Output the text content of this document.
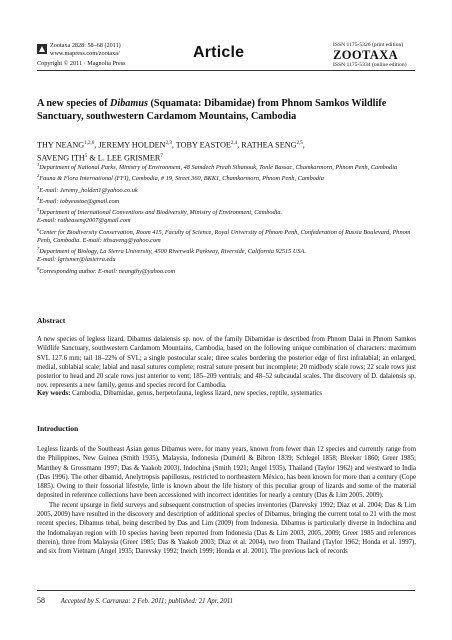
Zootaxa 2828: 58–68 (2011)
www.mapress.com/zootaxa/
Copyright © 2011 · Magnolia Press
Article	ISSN 1175-5326 (print edition)
ZOOTAXA
ISSN 1175-5334 (online edition)
A new species of Dibamus (Squamata: Dibamidae) from Phnom Samkos Wildlife Sanctuary, southwestern Cardamom Mountains, Cambodia
THY NEANG$^{1,2,6}$, JEREMY HOLDEN$^{2,3}$, TOBY EASTOE$^{2,4}$, RATHEA SENG$^{2,5}$,
SAVENG ITH$^5$ & L. LEE GRISMER$^7$

$^1$Department of National Parks, Ministry of Environment, 48 Samdech Preah Sihanouk, Tonle Bassac, Chamkarmorn, Phnom Penh, Cambodia

$^2$Fauna & Flora International (FFI), Cambodia, # 19, Street 360, BKK1, Chamkarmorn, Phnom Penh, Cambodia

$^3$E-mail: Jeremy_holden1@yahoo.co.uk

$^4$E-mail: tobyeastoe@gmail.com

$^5$Department of International Conventions and Biodiversity, Ministry of Environment, Cambodia.

E-mail: ratheaseng2007@gmail.com

$^6$Center for Biodiversity Conservation, Room 415, Faculty of Science, Royal University of Phnom Penh, Confederation of Russia Boulevard, Phnom Penh, Cambodia. E-mail: ithsaveng@yahoo.com

$^7$Department of Biology, La Sierra University, 4500 Riverwalk Parkway, Riverside, California 92515 USA.

E-mail: lgrismer@lasierra.edu

$^8$Corresponding author. E-mail: neangthy@yahoo.com

Abstract
A new species of legless lizard, Dibamus dalaiensis sp. nov. of the family Dibamidae is described from Phnom Dalai in Phnom Samkos Wildlife Sanctuary, southwestern Cardamom Mountains, Cambodia, based on the following unique combination of characters: maximum SVL 127.6 mm; tail 18–22% of SVL; a single postocular scale; three scales bordering the posterior edge of first infralabial; an enlarged, medial, sublabial scale; labial and nasal sutures complete; rostral suture present but incomplete; 20 midbody scale rows; 22 scale rows just posterior to head and 20 scale rows just anterior to vent; 185–209 ventrals; and 48–52 subcaudal scales. The discovery of D. dalaiensis sp. nov. represents a new family, genus and species record for Cambodia.
Key words: Cambodia, Dibamidae, genus, herpetofauna, legless lizard, new species, reptile, systematics
Introduction

Legless lizards of the Southeast Asian genus Dibamus were, for many years, known from fewer than 12 species and currently range from the Philippines, New Guinea (Smith 1935), Malaysia, Indonesia (Duméril & Bibron 1839; Schlegel 1858; Bleeker 1860; Greer 1985; Manthey & Grossmann 1997; Das & Yaakob 2003), Indochina (Smith 1921; Angel 1935), Thailand (Taylor 1962) and westward to India (Das 1996). The other dibamid, Anelytropsis papillosus, restricted to northeastern México, has been known for more than a century (Cope 1885). Owing to their fossorial lifestyle, little is known about the life history of this peculiar group of lizards and some of the material deposited in reference collections have been accessioned with incorrect identities for nearly a century (Das & Lim 2005, 2009).

The recent upsurge in field surveys and subsequent construction of species inventories (Darevsky 1992; Diaz et al. 2004; Das & Lim 2005, 2009) have resulted in the discovery and description of additional species of Dibamus, bringing the current total to 21 with the most recent species, Dibamus tebal, being described by Das and Lim (2009) from Indonesia. Dibamus is particularly diverse in Indochina and the Indomalayan region with 10 species having been reported from Indonesia (Das & Lim 2003, 2005, 2009; Greer 1985 and references therein), three from Malaysia (Greer 1985; Das & Yaakob 2003; Diaz et al. 2004), two from Thailand (Taylor 1962; Honda et al. 1997), and six from Vietnam (Angel 1935; Darevsky 1992; Ineich 1999; Honda et al. 2001). The previous lack of records

58 Accepted by S. Carranza: 2 Feb. 2011; published: 21 Apr. 2011
